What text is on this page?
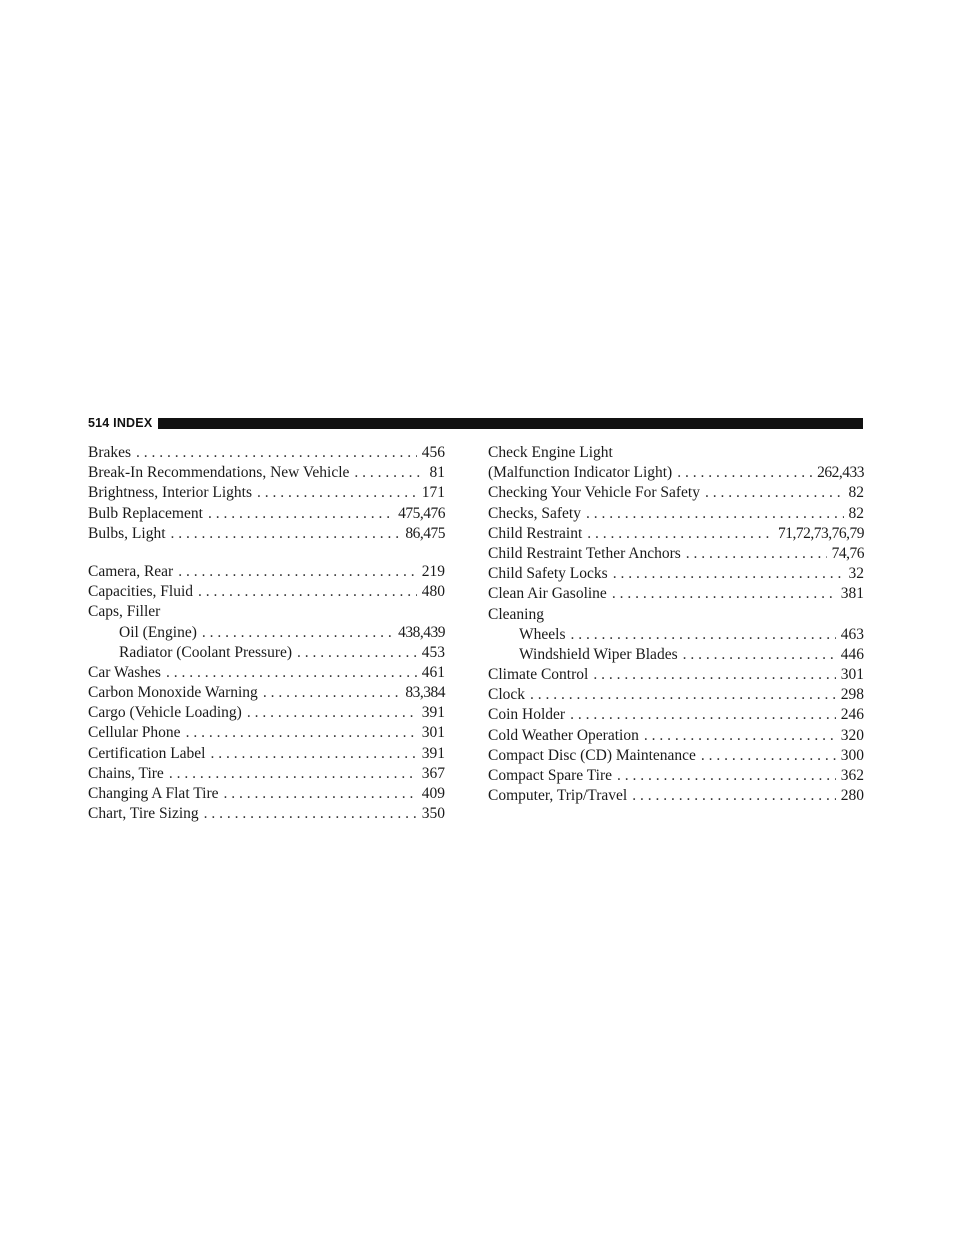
514 INDEX
Brakes . . .	456
Break-In Recommendations, New Vehicle . . .	81
Brightness, Interior Lights . . .	171
Bulb Replacement . . .	475,476
Bulbs, Light . . .	86,475
Camera, Rear . . .	219
Capacities, Fluid . . .	480
Caps, Filler
Oil (Engine) . . .	438,439
Radiator (Coolant Pressure) . . .	453
Car Washes . . .	461
Carbon Monoxide Warning . . .	83,384
Cargo (Vehicle Loading) . . .	391
Cellular Phone . . .	301
Certification Label . . .	391
Chains, Tire . . .	367
Changing A Flat Tire . . .	409
Chart, Tire Sizing . . .	350
Check Engine Light
(Malfunction Indicator Light) . . .	262,433
Checking Your Vehicle For Safety . . .	82
Checks, Safety . . .	82
Child Restraint . . .	71,72,73,76,79
Child Restraint Tether Anchors . . .	74,76
Child Safety Locks . . .	32
Clean Air Gasoline . . .	381
Cleaning
Wheels . . .	463
Windshield Wiper Blades . . .	446
Climate Control . . .	301
Clock . . .	298
Coin Holder . . .	246
Cold Weather Operation . . .	320
Compact Disc (CD) Maintenance . . .	300
Compact Spare Tire . . .	362
Computer, Trip/Travel . . .	280
